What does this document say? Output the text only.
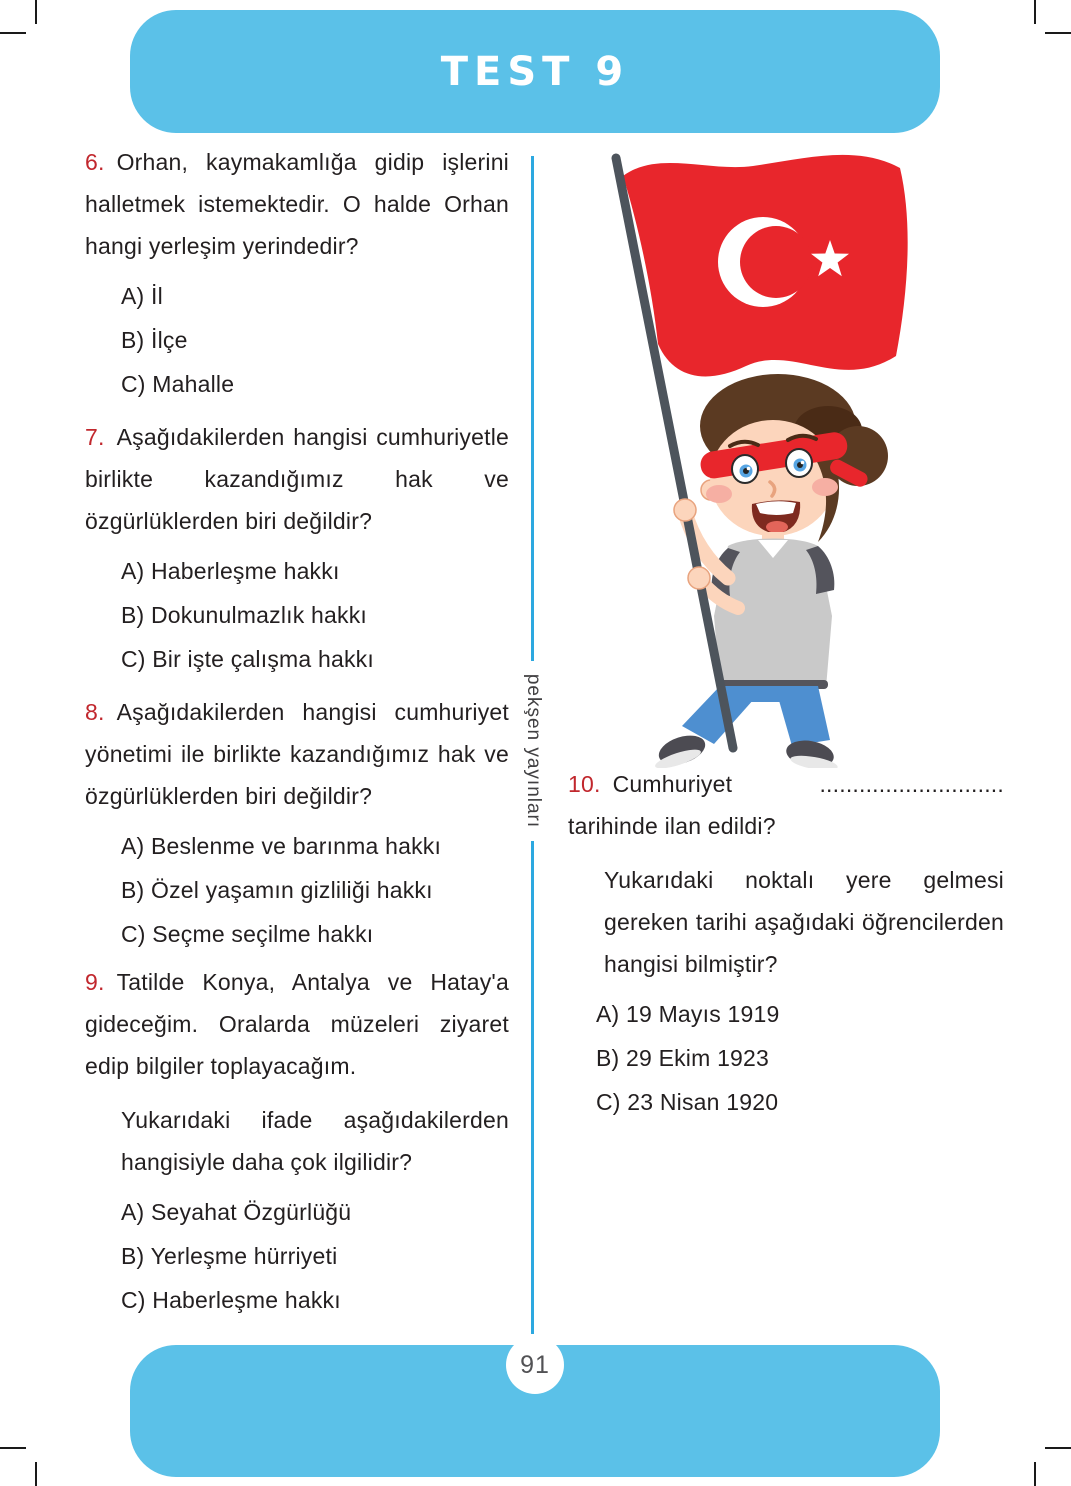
TEST 9

6. Orhan, kaymakamlığa gidip işlerini halletmek istemektedir. O halde Orhan hangi yerleşim yerindedir?

A) İl
B) İlçe
C) Mahalle

7. Aşağıdakilerden hangisi cumhuriyetle birlikte kazandığımız hak ve özgürlüklerden biri değildir?

A) Haberleşme hakkı
B) Dokunulmazlık hakkı
C) Bir işte çalışma hakkı

8. Aşağıdakilerden hangisi cumhuriyet yönetimi ile birlikte kazandığımız hak ve özgürlüklerden biri değildir?

A) Beslenme ve barınma hakkı
B) Özel yaşamın gizliliği hakkı
C) Seçme seçilme hakkı

9. Tatilde Konya, Antalya ve Hatay'a gideceğim. Oralarda müzeleri ziyaret edip bilgiler toplayacağım.

Yukarıdaki ifade aşağıdakilerden hangisiyle daha çok ilgilidir?

A) Seyahat Özgürlüğü
B) Yerleşme hürriyeti
C) Haberleşme hakkı

10. Cumhuriyet ............................ tarihinde ilan edildi?

Yukarıdaki noktalı yere gelmesi gereken tarihi aşağıdaki öğrencilerden hangisi bilmiştir?

A) 19 Mayıs 1919
B) 29 Ekim 1923
C) 23 Nisan 1920
pekşen yayınları
91
